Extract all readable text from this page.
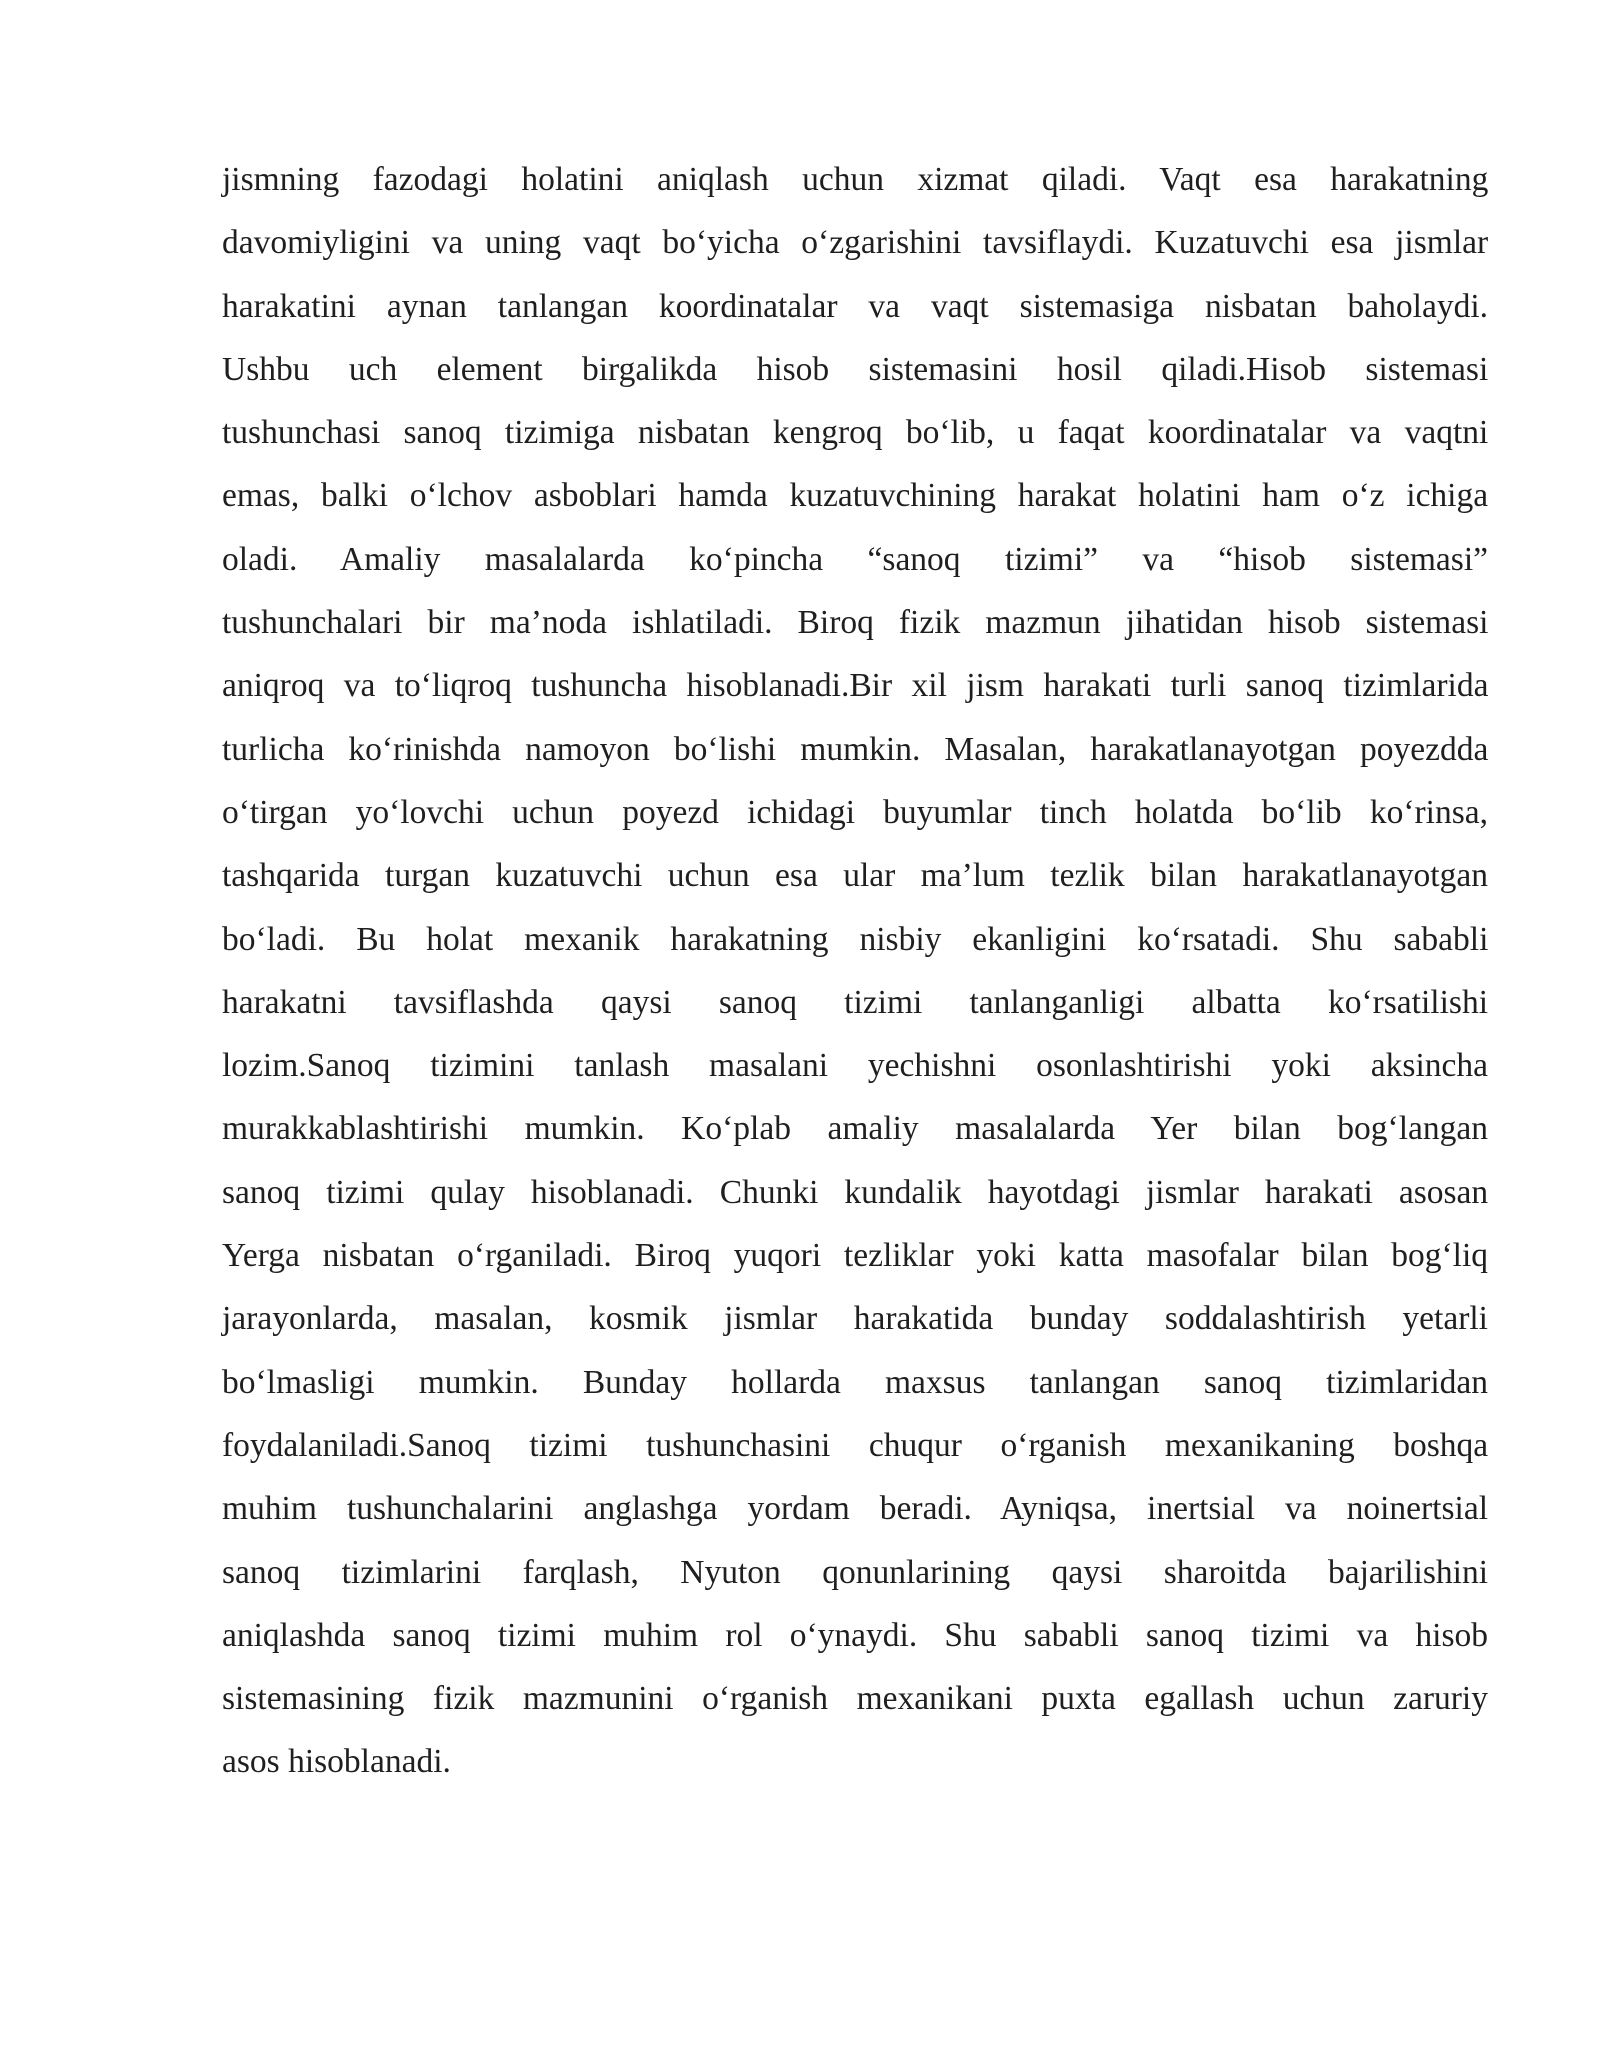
jismning fazodagi holatini aniqlash uchun xizmat qiladi. Vaqt esa harakatning
davomiyligini va uning vaqt bo‘yicha o‘zgarishini tavsiflaydi. Kuzatuvchi esa jismlar
harakatini aynan tanlangan koordinatalar va vaqt sistemasiga nisbatan baholaydi.
Ushbu uch element birgalikda hisob sistemasini hosil qiladi.Hisob sistemasi
tushunchasi sanoq tizimiga nisbatan kengroq bo‘lib, u faqat koordinatalar va vaqtni
emas, balki o‘lchov asboblari hamda kuzatuvchining harakat holatini ham o‘z ichiga
oladi. Amaliy masalalarda ko‘pincha “sanoq tizimi” va “hisob sistemasi”
tushunchalari bir ma’noda ishlatiladi. Biroq fizik mazmun jihatidan hisob sistemasi
aniqroq va to‘liqroq tushuncha hisoblanadi.Bir xil jism harakati turli sanoq tizimlarida
turlicha ko‘rinishda namoyon bo‘lishi mumkin. Masalan, harakatlanayotgan poyezdda
o‘tirgan yo‘lovchi uchun poyezd ichidagi buyumlar tinch holatda bo‘lib ko‘rinsa,
tashqarida turgan kuzatuvchi uchun esa ular ma’lum tezlik bilan harakatlanayotgan
bo‘ladi. Bu holat mexanik harakatning nisbiy ekanligini ko‘rsatadi. Shu sababli
harakatni tavsiflashda qaysi sanoq tizimi tanlanganligi albatta ko‘rsatilishi
lozim.Sanoq tizimini tanlash masalani yechishni osonlashtirishi yoki aksincha
murakkablashtirishi mumkin. Ko‘plab amaliy masalalarda Yer bilan bog‘langan
sanoq tizimi qulay hisoblanadi. Chunki kundalik hayotdagi jismlar harakati asosan
Yerga nisbatan o‘rganiladi. Biroq yuqori tezliklar yoki katta masofalar bilan bog‘liq
jarayonlarda, masalan, kosmik jismlar harakatida bunday soddalashtirish yetarli
bo‘lmasligi mumkin. Bunday hollarda maxsus tanlangan sanoq tizimlaridan
foydalaniladi.Sanoq tizimi tushunchasini chuqur o‘rganish mexanikaning boshqa
muhim tushunchalarini anglashga yordam beradi. Ayniqsa, inertsial va noinertsial
sanoq tizimlarini farqlash, Nyuton qonunlarining qaysi sharoitda bajarilishini
aniqlashda sanoq tizimi muhim rol o‘ynaydi. Shu sababli sanoq tizimi va hisob
sistemasining fizik mazmunini o‘rganish mexanikani puxta egallash uchun zaruriy
asos hisoblanadi.
